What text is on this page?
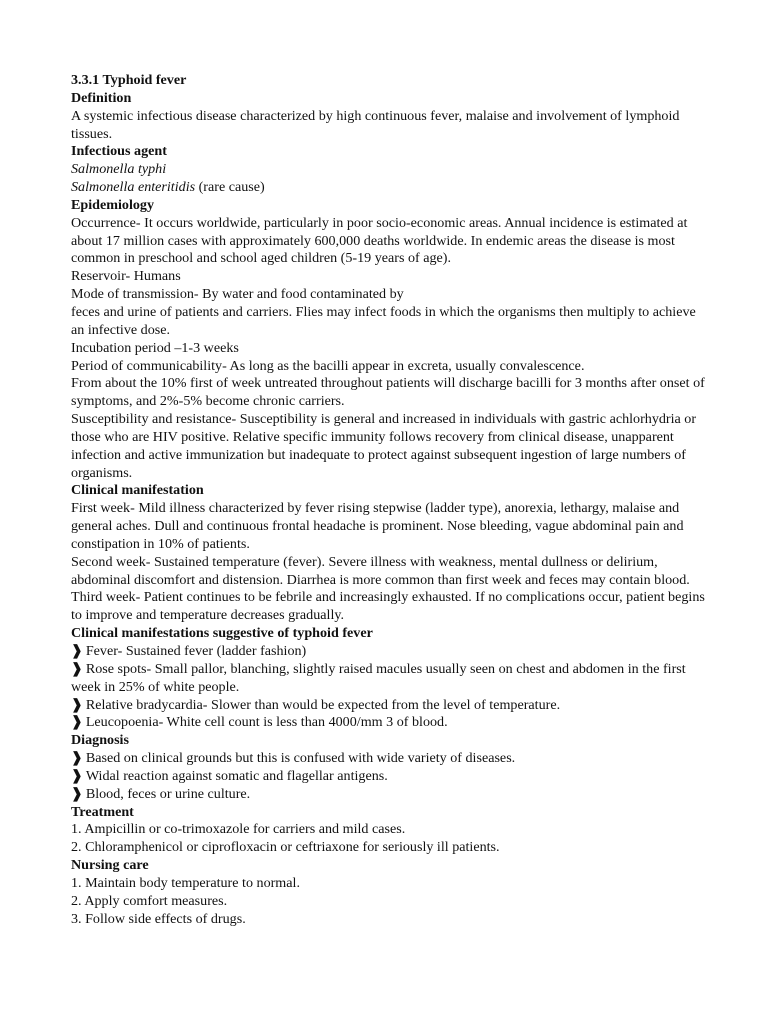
3.3.1 Typhoid fever

Definition

A systemic infectious disease characterized by high continuous fever, malaise and involvement of lymphoid tissues.

Infectious agent

Salmonella typhi

Salmonella enteritidis (rare cause)

Epidemiology

Occurrence- It occurs worldwide, particularly in poor socio-economic areas. Annual incidence is estimated at about 17 million cases with approximately 600,000 deaths worldwide. In endemic areas the disease is most common in preschool and school aged children (5-19 years of age).

Reservoir- Humans

Mode of transmission- By water and food contaminated by

feces and urine of patients and carriers. Flies may infect foods in which the organisms then multiply to achieve an infective dose.

Incubation period –1-3 weeks

Period of communicability- As long as the bacilli appear in excreta, usually convalescence.

From about the 10% first of week untreated throughout patients will discharge bacilli for 3 months after onset of symptoms, and 2%-5% become chronic carriers.

Susceptibility and resistance- Susceptibility is general and increased in individuals with gastric achlorhydria or those who are HIV positive. Relative specific immunity follows recovery from clinical disease, unapparent infection and active immunization but inadequate to protect against subsequent ingestion of large numbers of organisms.

Clinical manifestation

First week- Mild illness characterized by fever rising stepwise (ladder type), anorexia, lethargy, malaise and general aches. Dull and continuous frontal headache is prominent. Nose bleeding, vague abdominal pain and constipation in 10% of patients.

Second week- Sustained temperature (fever). Severe illness with weakness, mental dullness or delirium, abdominal discomfort and distension. Diarrhea is more common than first week and feces may contain blood.

Third week- Patient continues to be febrile and increasingly exhausted. If no complications occur, patient begins to improve and temperature decreases gradually.

Clinical manifestations suggestive of typhoid fever

❱ Fever- Sustained fever (ladder fashion)

❱ Rose spots- Small pallor, blanching, slightly raised macules usually seen on chest and abdomen in the first week in 25% of white people.

❱ Relative bradycardia- Slower than would be expected from the level of temperature.

❱ Leucopoenia- White cell count is less than 4000/mm 3 of blood.

Diagnosis

❱ Based on clinical grounds but this is confused with wide variety of diseases.

❱ Widal reaction against somatic and flagellar antigens.

❱ Blood, feces or urine culture.

Treatment

1. Ampicillin or co-trimoxazole for carriers and mild cases.

2. Chloramphenicol or ciprofloxacin or ceftriaxone for seriously ill patients.

Nursing care

1. Maintain body temperature to normal.

2. Apply comfort measures.

3. Follow side effects of drugs.
